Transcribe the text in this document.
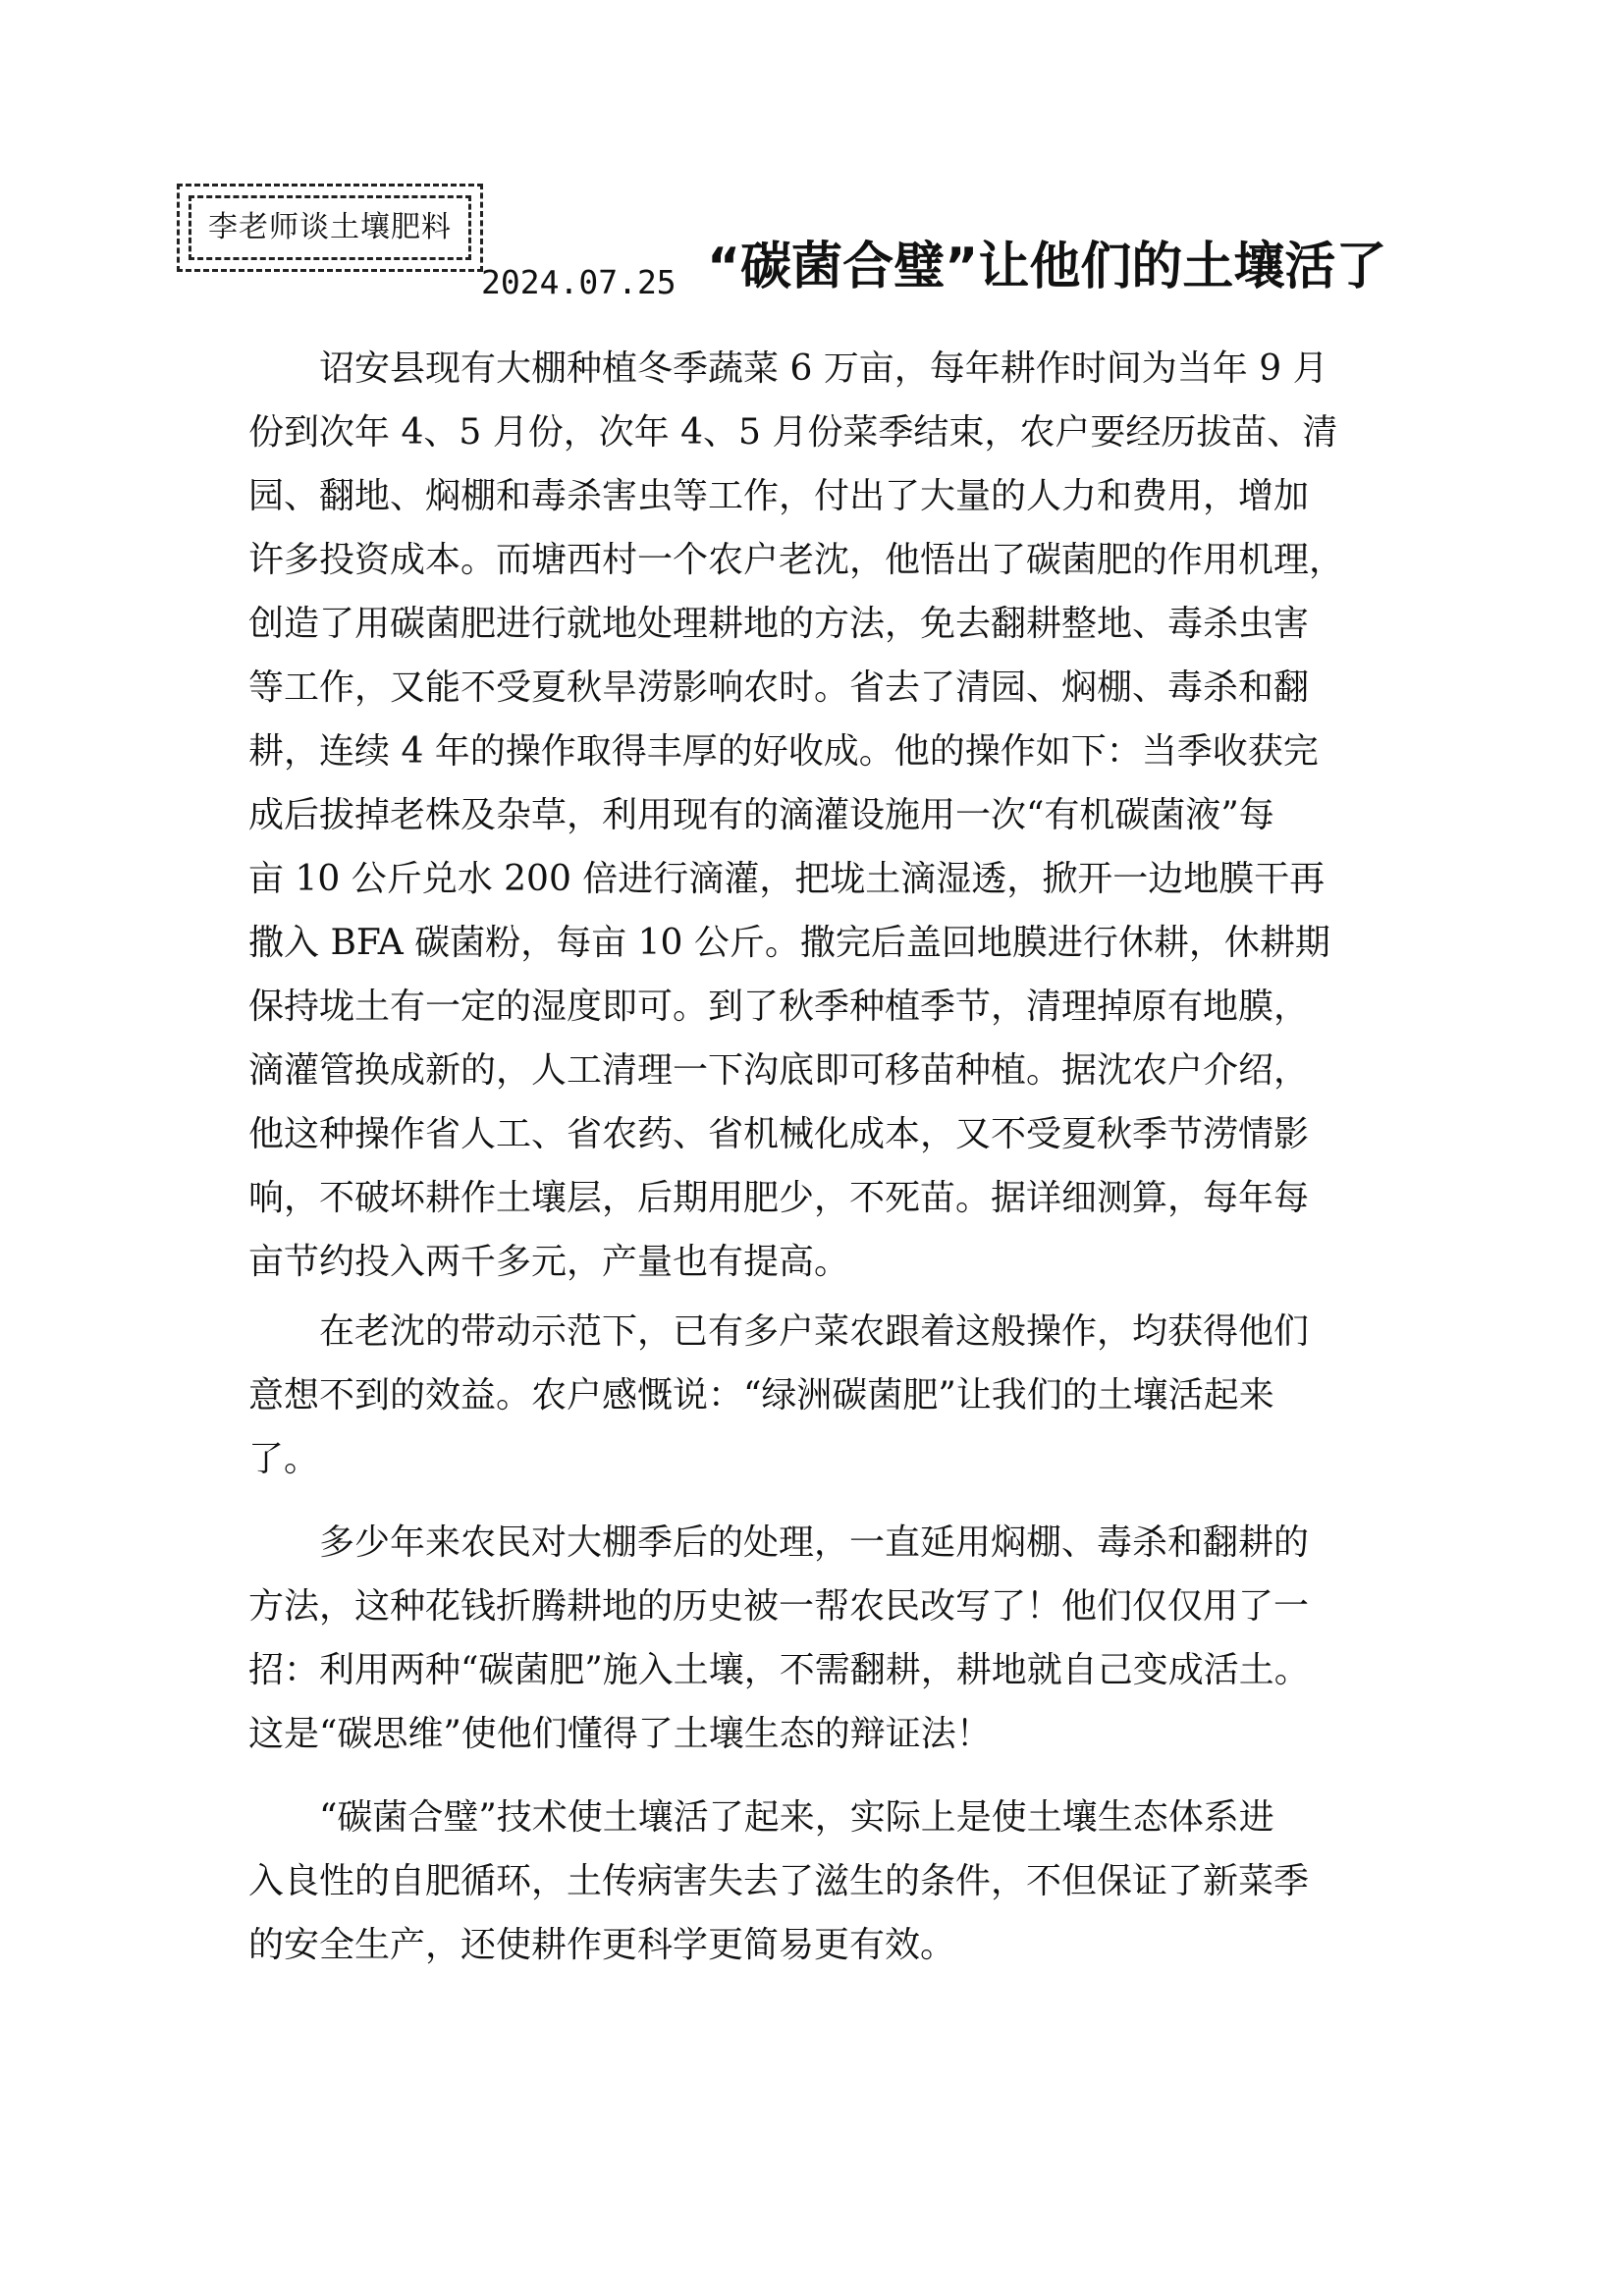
李老师谈土壤肥料
2024.07.25 “碳菌合璧”让他们的土壤活了

诏安县现有大棚种植冬季蔬菜 6 万亩，每年耕作时间为当年 9 月
份到次年 4、5 月份，次年 4、5 月份菜季结束，农户要经历拔苗、清
园、翻地、焖棚和毒杀害虫等工作，付出了大量的人力和费用，增加
许多投资成本。而塘西村一个农户老沈，他悟出了碳菌肥的作用机理，
创造了用碳菌肥进行就地处理耕地的方法，免去翻耕整地、毒杀虫害
等工作，又能不受夏秋旱涝影响农时。省去了清园、焖棚、毒杀和翻
耕，连续 4 年的操作取得丰厚的好收成。他的操作如下：当季收获完
成后拔掉老株及杂草，利用现有的滴灌设施用一次“有机碳菌液”每
亩 10 公斤兑水 200 倍进行滴灌，把垅土滴湿透，掀开一边地膜干再
撒入 BFA 碳菌粉，每亩 10 公斤。撒完后盖回地膜进行休耕，休耕期
保持垅土有一定的湿度即可。到了秋季种植季节，清理掉原有地膜，
滴灌管换成新的，人工清理一下沟底即可移苗种植。据沈农户介绍，
他这种操作省人工、省农药、省机械化成本，又不受夏秋季节涝情影
响，不破坏耕作土壤层，后期用肥少，不死苗。据详细测算，每年每
亩节约投入两千多元，产量也有提高。

在老沈的带动示范下，已有多户菜农跟着这般操作，均获得他们
意想不到的效益。农户感慨说：“绿洲碳菌肥”让我们的土壤活起来
了。

多少年来农民对大棚季后的处理，一直延用焖棚、毒杀和翻耕的
方法，这种花钱折腾耕地的历史被一帮农民改写了！他们仅仅用了一
招：利用两种“碳菌肥”施入土壤，不需翻耕，耕地就自己变成活土。
这是“碳思维”使他们懂得了土壤生态的辩证法！

“碳菌合璧”技术使土壤活了起来，实际上是使土壤生态体系进
入良性的自肥循环，土传病害失去了滋生的条件，不但保证了新菜季
的安全生产，还使耕作更科学更简易更有效。
